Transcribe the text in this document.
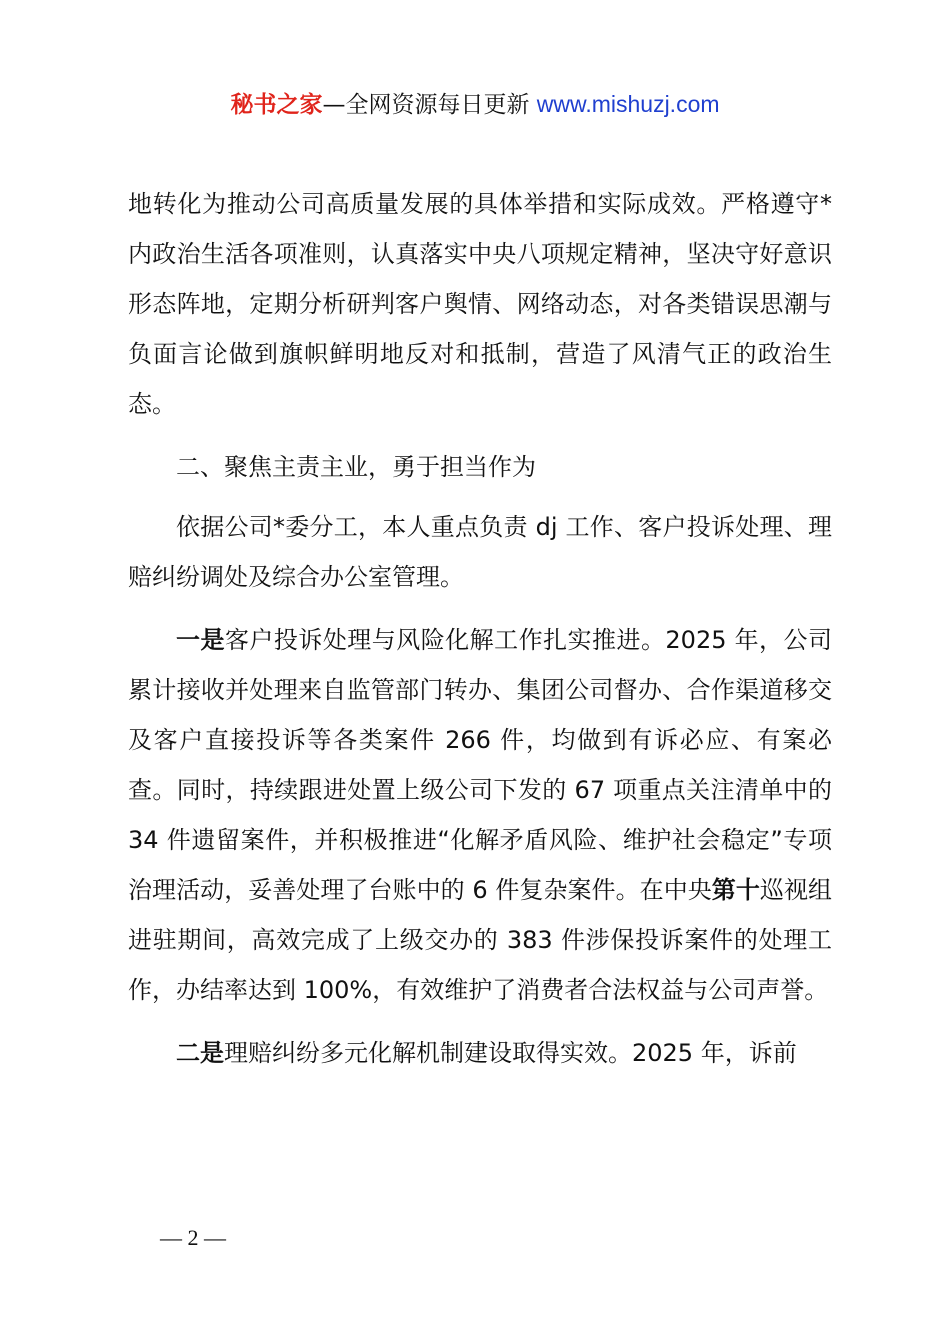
秘书之家—全网资源每日更新 www.mishuzj.com

地转化为推动公司高质量发展的具体举措和实际成效。严格遵守*内政治生活各项准则，认真落实中央八项规定精神，坚决守好意识形态阵地，定期分析研判客户舆情、网络动态，对各类错误思潮与负面言论做到旗帜鲜明地反对和抵制，营造了风清气正的政治生态。

二、聚焦主责主业，勇于担当作为

依据公司*委分工，本人重点负责 dj 工作、客户投诉处理、理赔纠纷调处及综合办公室管理。

一是客户投诉处理与风险化解工作扎实推进。2025 年，公司累计接收并处理来自监管部门转办、集团公司督办、合作渠道移交及客户直接投诉等各类案件 266 件，均做到有诉必应、有案必查。同时，持续跟进处置上级公司下发的 67 项重点关注清单中的 34 件遗留案件，并积极推进“化解矛盾风险、维护社会稳定”专项治理活动，妥善处理了台账中的 6 件复杂案件。在中央第十巡视组进驻期间，高效完成了上级交办的 383 件涉保投诉案件的处理工作，办结率达到 100%，有效维护了消费者合法权益与公司声誉。

二是理赔纠纷多元化解机制建设取得实效。2025 年，诉前

— 2 —
